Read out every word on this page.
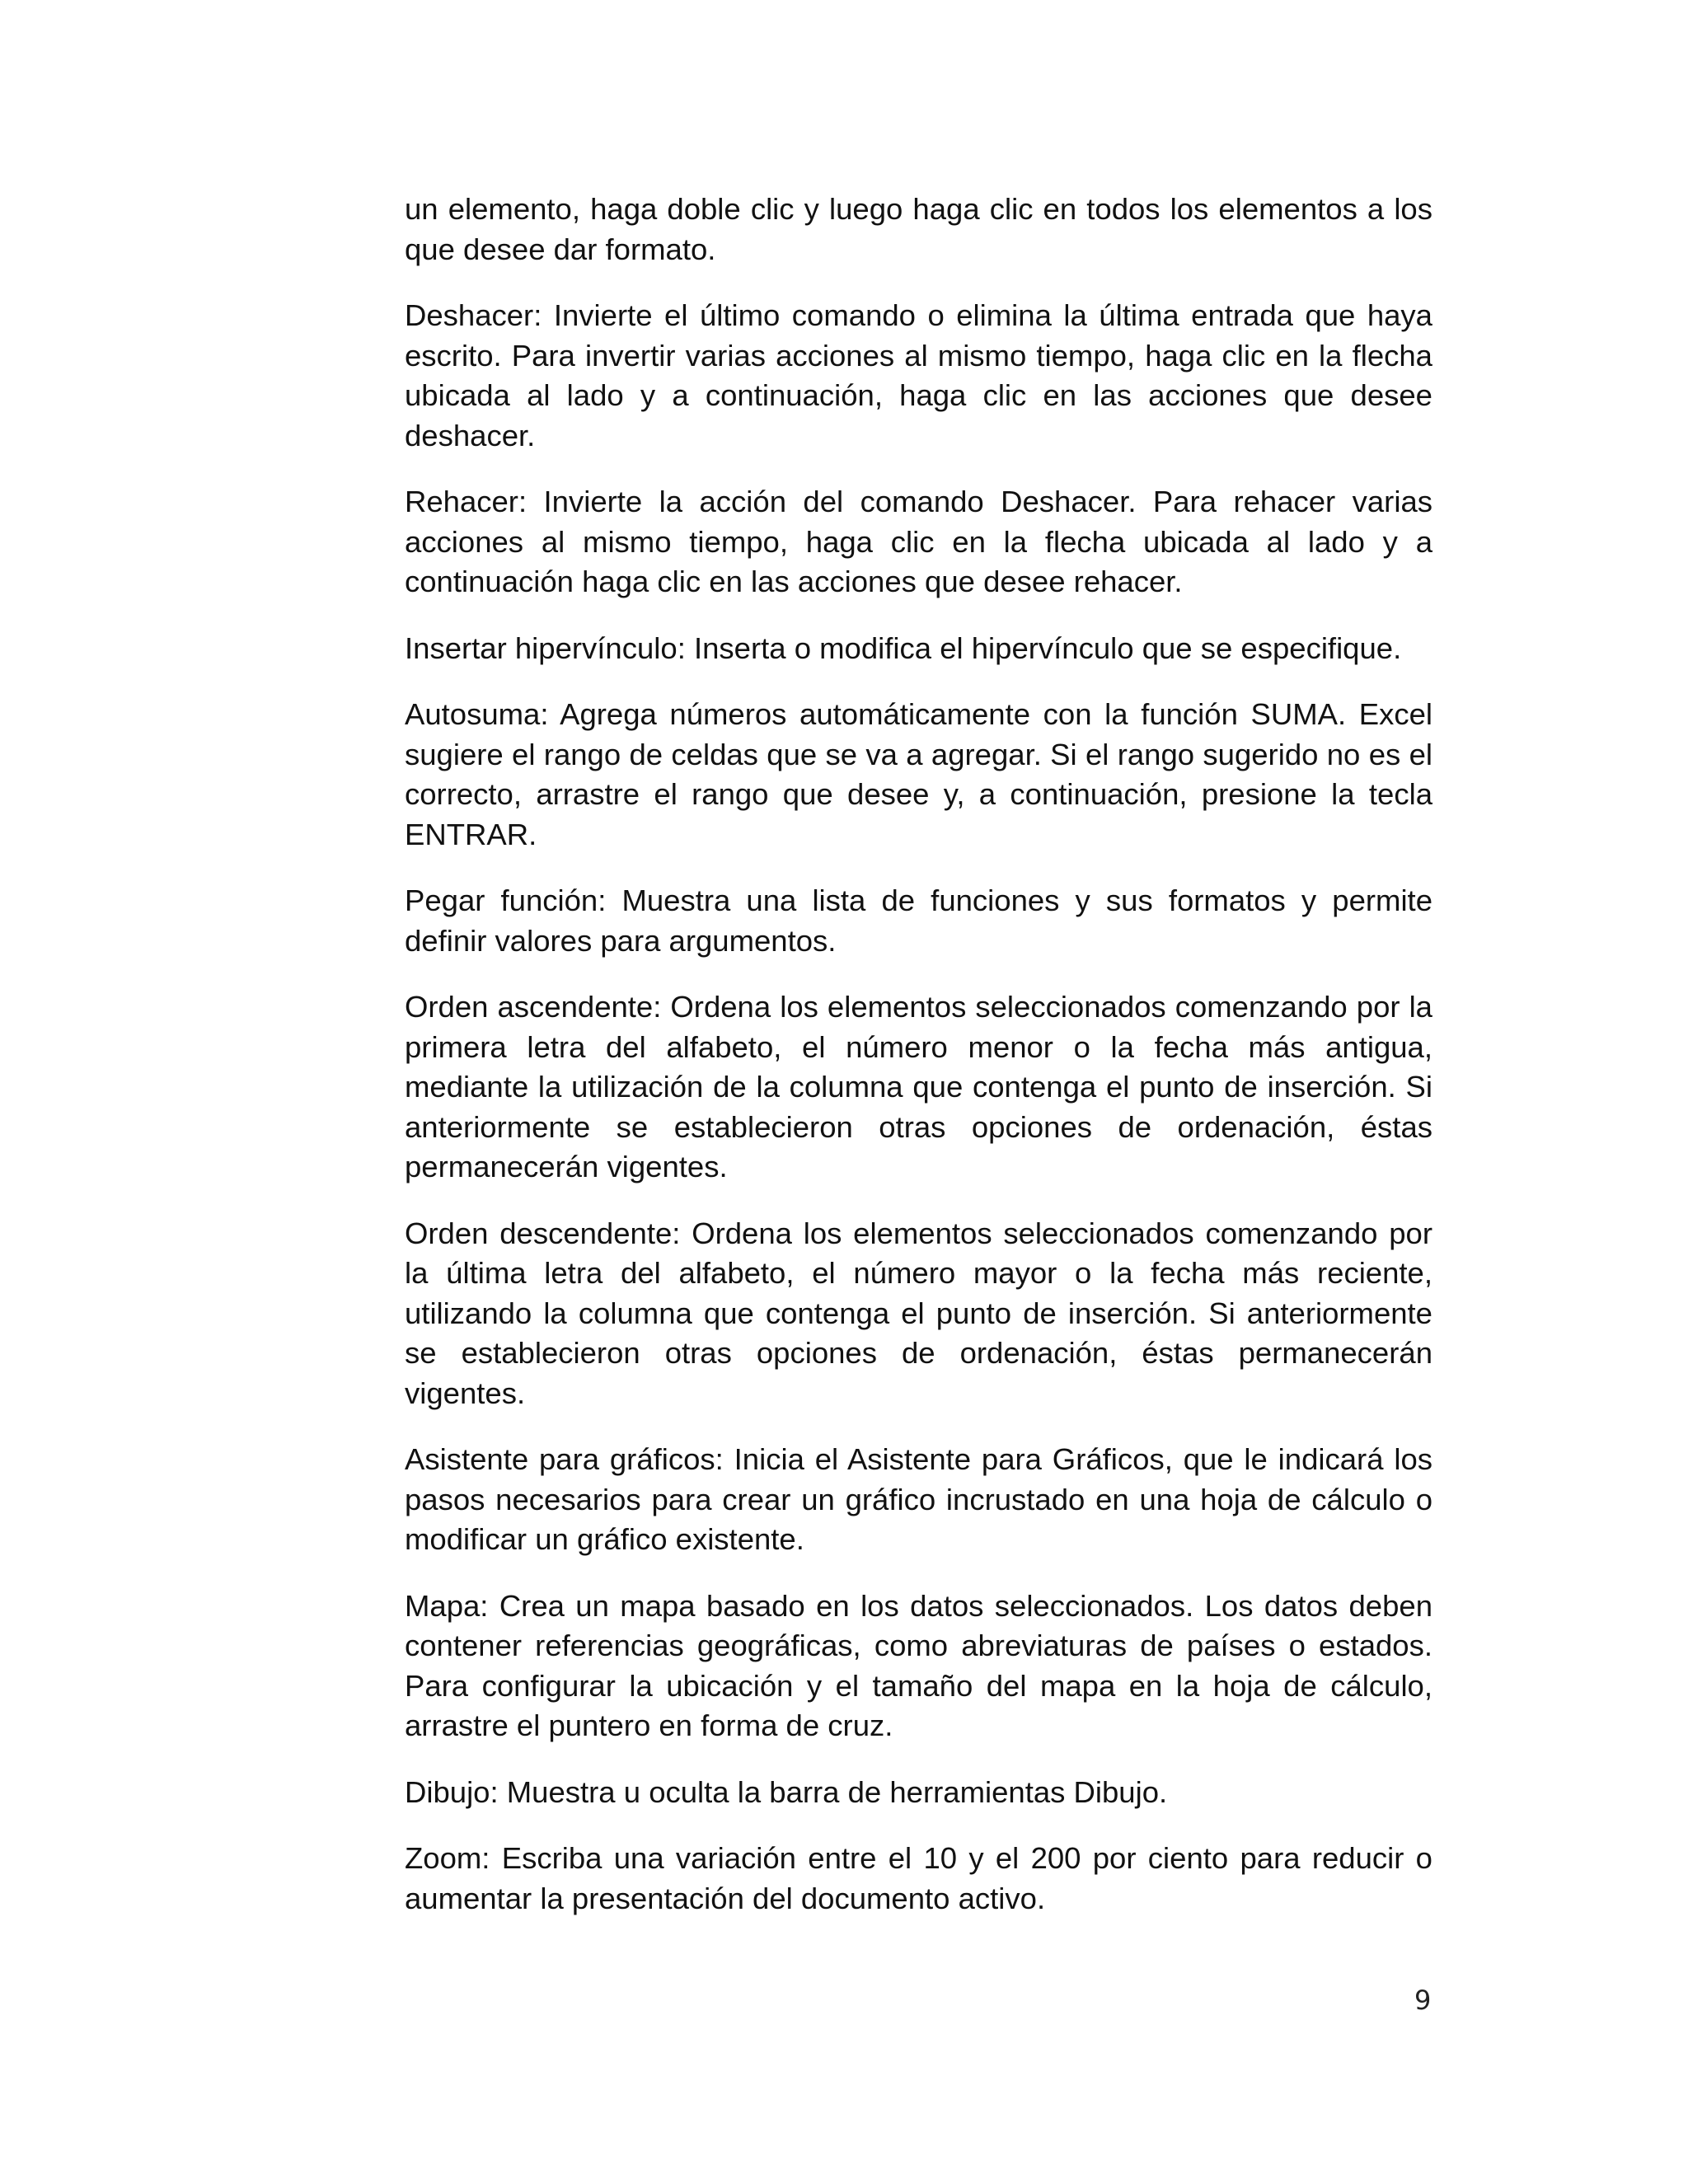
un elemento, haga doble clic y luego haga clic en todos los elementos a los que desee dar formato.

Deshacer: Invierte el último comando o elimina la última entrada que haya escrito. Para invertir varias acciones al mismo tiempo, haga clic en la flecha ubicada al lado y a continuación, haga clic en las acciones que desee deshacer.

Rehacer: Invierte la acción del comando Deshacer. Para rehacer varias acciones al mismo tiempo, haga clic en la flecha ubicada al lado y a continuación haga clic en las acciones que desee rehacer.

Insertar hipervínculo: Inserta o modifica el hipervínculo que se especifique.

Autosuma: Agrega números automáticamente con la función SUMA. Excel sugiere el rango de celdas que se va a agregar. Si el rango sugerido no es el correcto, arrastre el rango que desee y, a continuación, presione la tecla ENTRAR.

Pegar función: Muestra una lista de funciones y sus formatos y permite definir valores para argumentos.

Orden ascendente: Ordena los elementos seleccionados comenzando por la primera letra del alfabeto, el número menor o la fecha más antigua, mediante la utilización de la columna que contenga el punto de inserción. Si anteriormente se establecieron otras opciones de ordenación, éstas permanecerán vigentes.

Orden descendente: Ordena los elementos seleccionados comenzando por la última letra del alfabeto, el número mayor o la fecha más reciente, utilizando la columna que contenga el punto de inserción. Si anteriormente se establecieron otras opciones de ordenación, éstas permanecerán vigentes.

Asistente para gráficos: Inicia el Asistente para Gráficos, que le indicará los pasos necesarios para crear un gráfico incrustado en una hoja de cálculo o modificar un gráfico existente.

Mapa: Crea un mapa basado en los datos seleccionados. Los datos deben contener referencias geográficas, como abreviaturas de países o estados. Para configurar la ubicación y el tamaño del mapa en la hoja de cálculo, arrastre el puntero en forma de cruz.

Dibujo: Muestra u oculta la barra de herramientas Dibujo.

Zoom: Escriba una variación entre el 10 y el 200 por ciento para reducir o aumentar la presentación del documento activo.

9
